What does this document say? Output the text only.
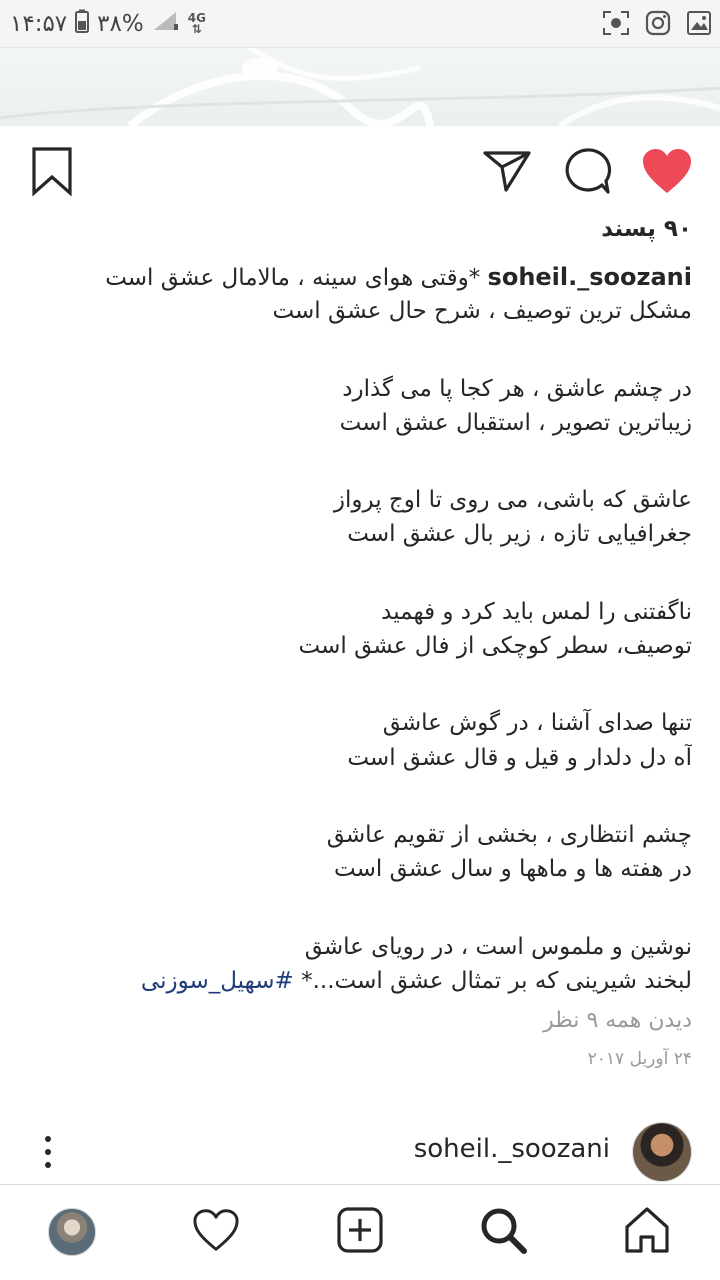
۱۴:۵۷ ۳۸%	4G
⇅
۹۰ پسند
soheil._soozani *وقتی هوای سینه ، مالامال عشق است
مشکل ترین توصیف ، شرح حال عشق است
در چشم عاشق ، هر کجا پا می گذارد
زیباترین تصویر ، استقبال عشق است
عاشق که باشی، می روی تا اوج پرواز
جغرافیایی تازه ، زیر بال عشق است
ناگفتنی را لمس باید کرد و فهمید
توصیف، سطر کوچکی از فال عشق است
تنها صدای آشنا ، در گوش عاشق
آه دل دلدار و قیل و قال عشق است
چشم انتظاری ، بخشی از تقویم عاشق
در هفته ها و ماهها و سال عشق است
نوشین و ملموس است ، در رویای عاشق
لبخند شیرینی که بر تمثال عشق است...* #سهیل_سوزنی
دیدن همه ۹ نظر
۲۴ آوریل ۲۰۱۷
soheil._soozani
